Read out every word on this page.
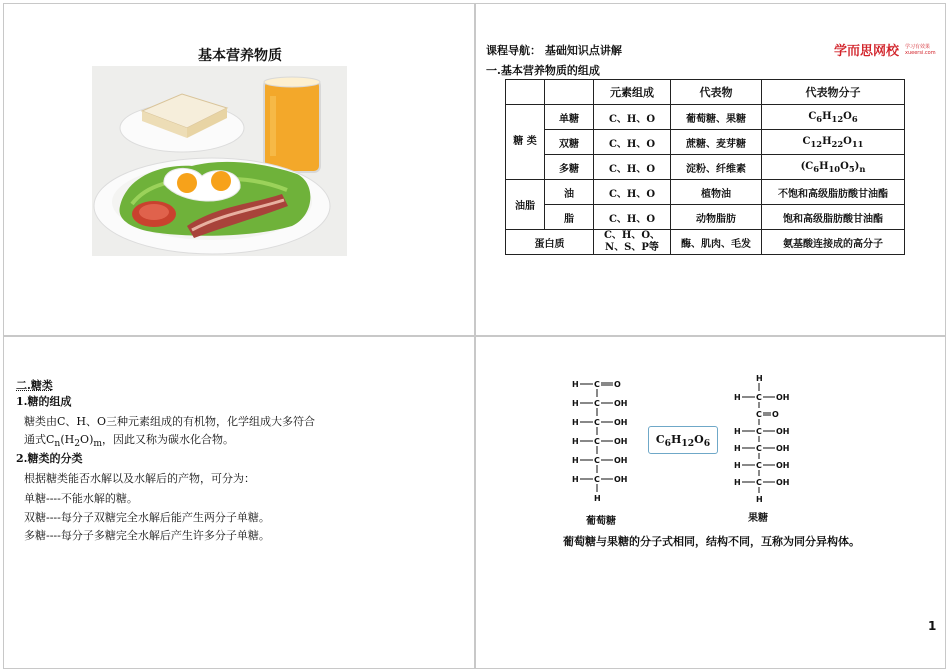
基本营养物质	课程导航： 基础知识点讲解
一.基本营养物质的组成
学而思网校 学习有效果
xueersi.com
		元素组成	代表物	代表物分子

糖 类	单糖	C、H、O	葡萄糖、果糖	$C_6H_{12}O_6$
	双糖	C、H、O	蔗糖、麦芽糖	$C_{12}H_{22}O_{11}$
	多糖	C、H、O	淀粉、纤维素	$(C_6H_{10}O_5)_n$
油脂	油	C、H、O	植物油	不饱和高级脂肪酸甘油酯
	脂	C、H、O	动物脂肪	饱和高级脂肪酸甘油酯
蛋白质		C、H、O、
N、S、P等	酶、肌肉、毛发	氨基酸连接成的高分子
二.糖类
1.糖的组成
糖类由C、H、O三种元素组成的有机物，化学组成大多符合
通式$C_n(H_2O)_m$，因此又称为碳水化合物。
2.糖类的分类
根据糖类能否水解以及水解后的产物，可分为：
单糖----不能水解的糖。
双糖----每分子双糖完全水解后能产生两分子单糖。
多糖----每分子多糖完全水解后产生许多分子单糖。
H C O
H C OH
H C OH
H C OH
H C OH
H C OH
H
葡萄糖
$C_6H_{12}O_6$
H
H C OH
C O
H C OH
H C OH
H C OH
H C OH
H
果糖
葡萄糖与果糖的分子式相同，结构不同，互称为同分异构体。
1
